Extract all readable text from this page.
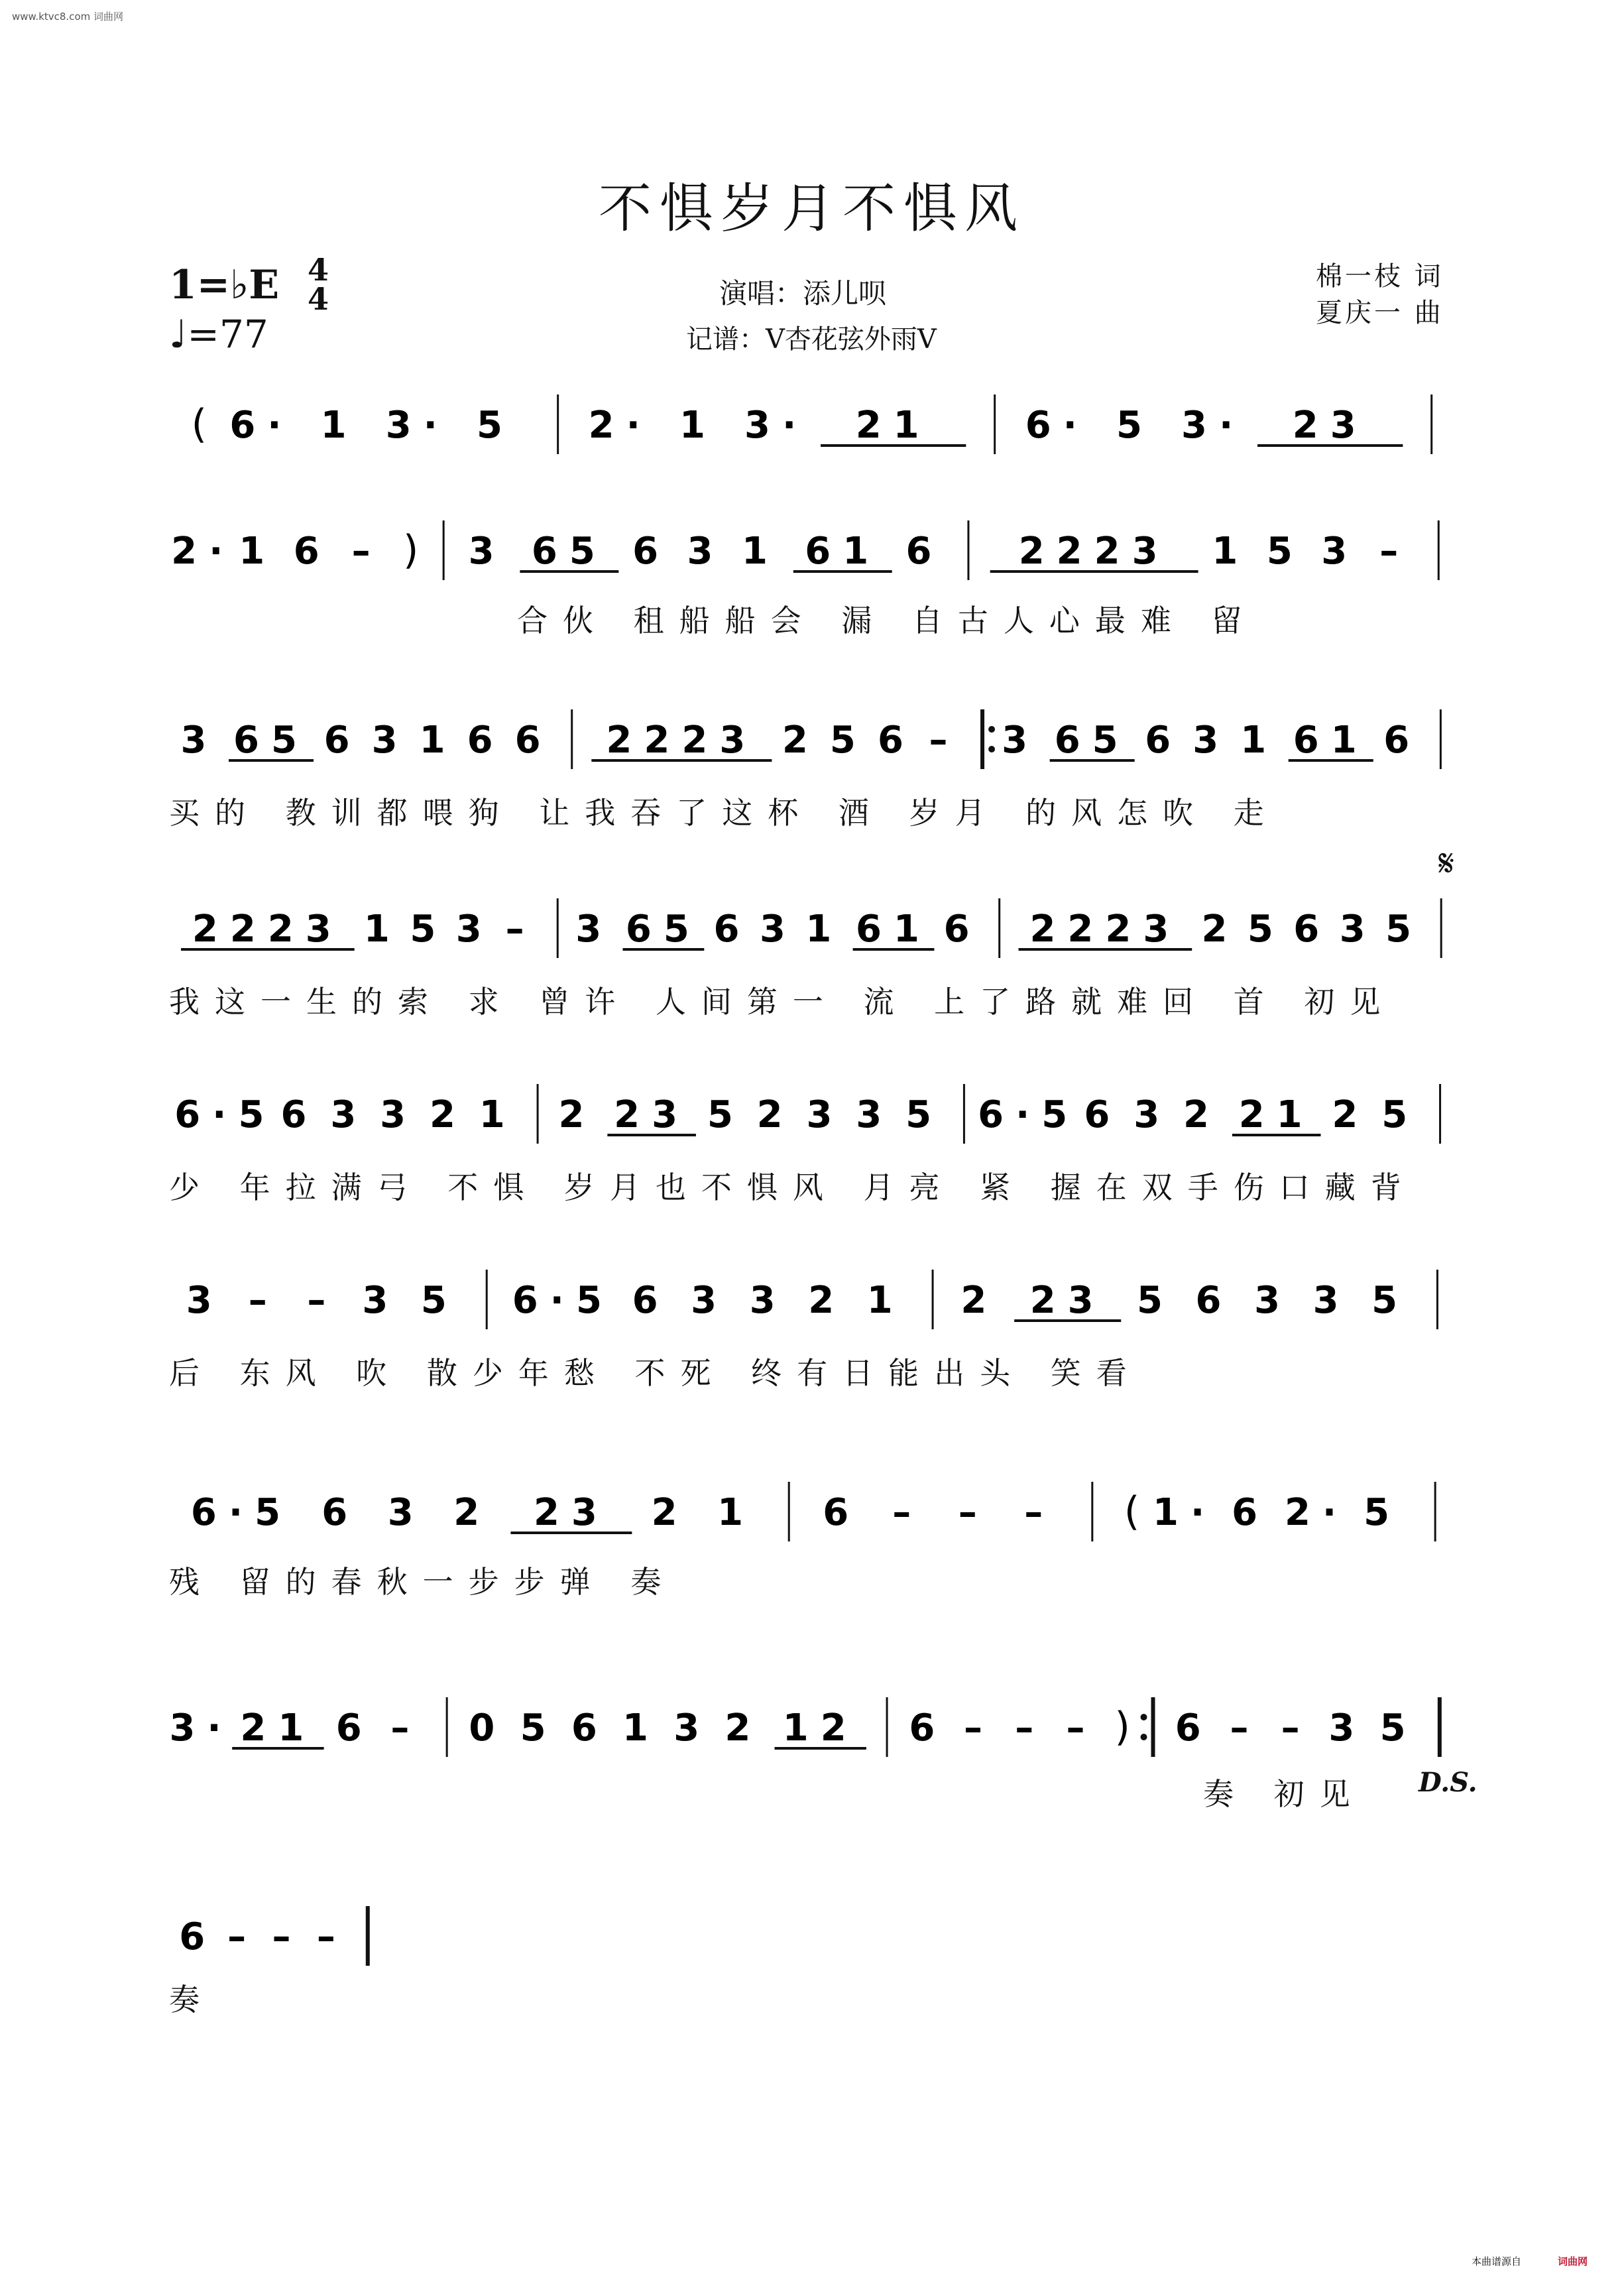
www.ktvc8.com 词曲网
不惧岁月不惧风
1=♭E 4
4
♩=77
演唱：添儿呗
记谱：V杏花弦外雨V
棉一枝 词
夏庆一 曲
( 6· 1 3· 5 2· 1 3· 21	6· 5 3· 23
2· 1 6 – ) 3 65 6 3 1 61 6 2223 1 5 3 –
合伙 租船船会 漏 自古人心最难 留
3 65 6 3 1 6 6 2223 2 5 6 – 3 65 6 3 1 61 6
买的 教训都喂狗 让我吞了这杯 酒 岁月 的风怎吹 走
2223 1 5 3 – 3 65 6 3 1 61 6 2223 2 5 6 3 5
我这一生的索 求 曾许 人间第一 流 上了路就难回 首 初见
𝄋
6·5 6 3 3 2 1 2 23 5 2 3 3 5 6·5 6 3 2 21 2 5
少 年拉满弓 不惧 岁月也不惧风 月亮 紧 握在双手伤口藏背
3 – – 3 5 6·5 6 3 3 2 1 2 23 5 6 3 3 5
后 东风 吹 散少年愁 不死 终有日能出头 笑看
6·5 6 3 2 23 2 1 6 – – – ( 1· 6 2· 5
残 留的春秋一步步弹 奏
3· 21 6 – 0 5 6 1 3 2 12 6 – – – ) 6 – – 3 5
奏 初见	D.S.
6 – – –
奏
本曲谱源自	词曲网
